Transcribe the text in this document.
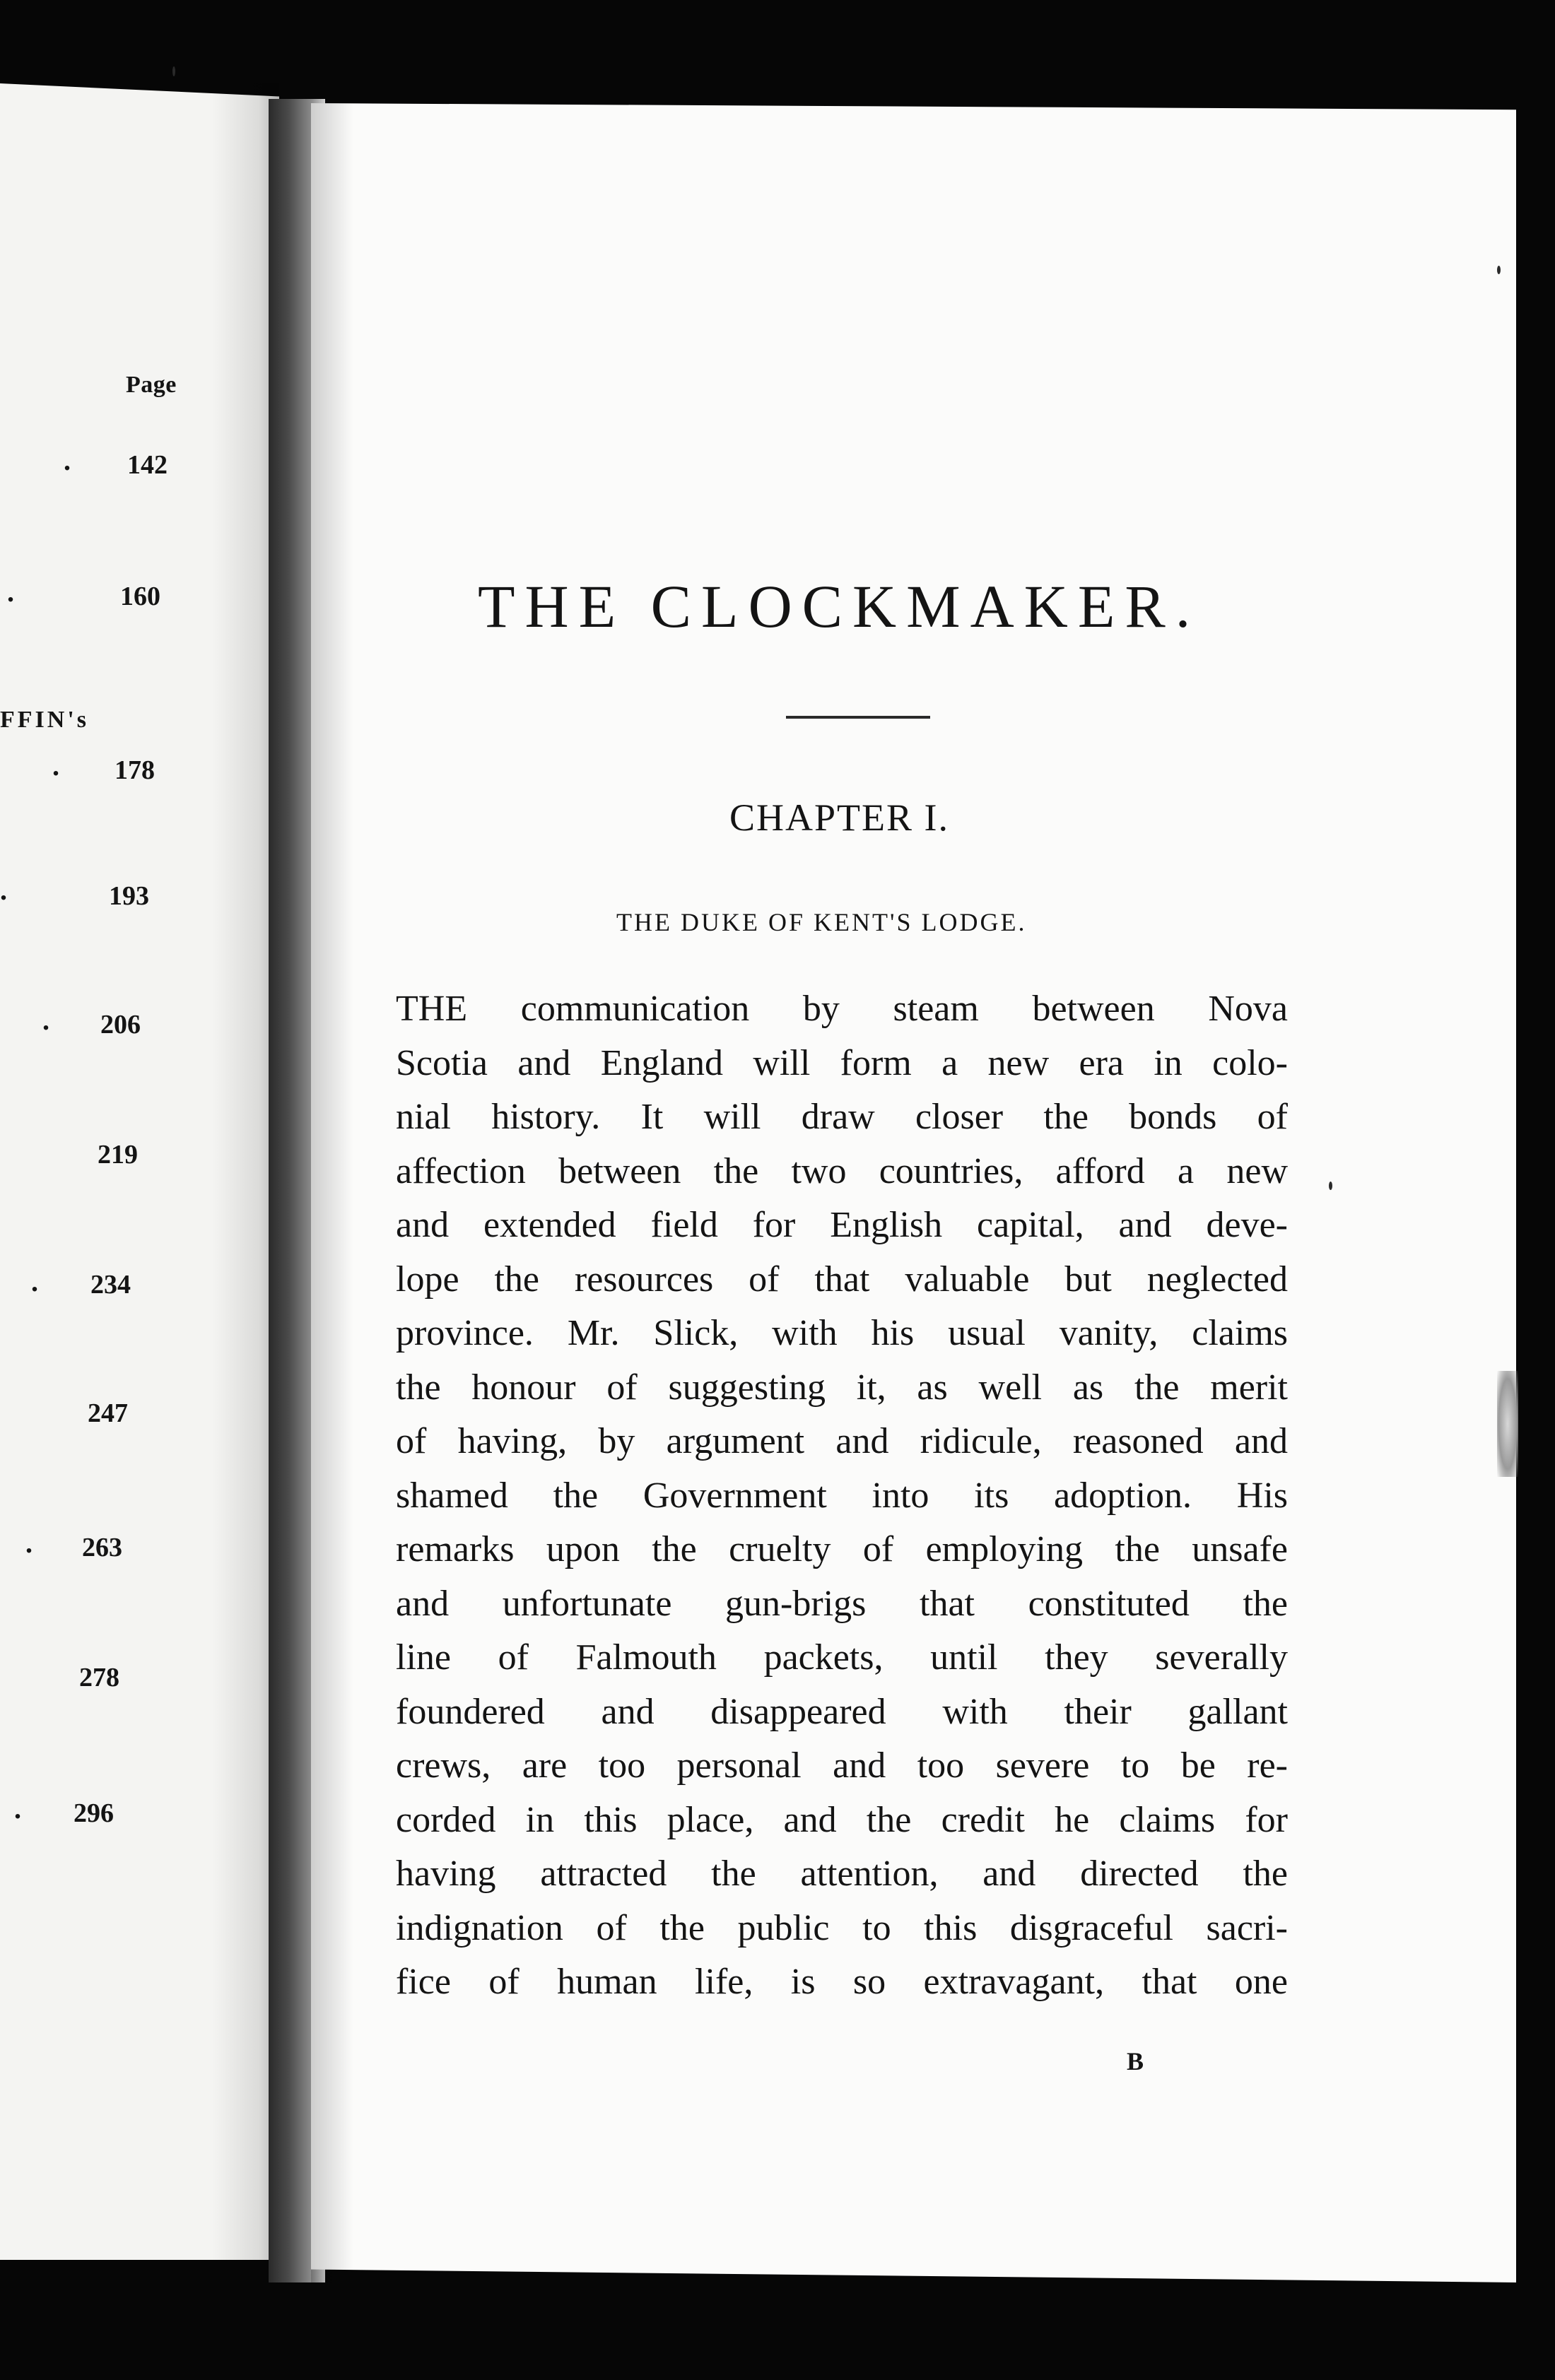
Page
. 142
.	160
FFIN's
. 178
.	193
. 206
219
. 234
247
. 263
278
. 296
THE CLOCKMAKER.
CHAPTER I.
THE DUKE OF KENT'S LODGE.
THE communication by steam between Nova
Scotia and England will form a new era in colo-
nial history. It will draw closer the bonds of
affection between the two countries, afford a new
and extended field for English capital, and deve-
lope the resources of that valuable but neglected
province. Mr. Slick, with his usual vanity, claims
the honour of suggesting it, as well as the merit
of having, by argument and ridicule, reasoned and
shamed the Government into its adoption. His
remarks upon the cruelty of employing the unsafe
and unfortunate gun-brigs that constituted the
line of Falmouth packets, until they severally
foundered and disappeared with their gallant
crews, are too personal and too severe to be re-
corded in this place, and the credit he claims for
having attracted the attention, and directed the
indignation of the public to this disgraceful sacri-
fice of human life, is so extravagant, that one
B
